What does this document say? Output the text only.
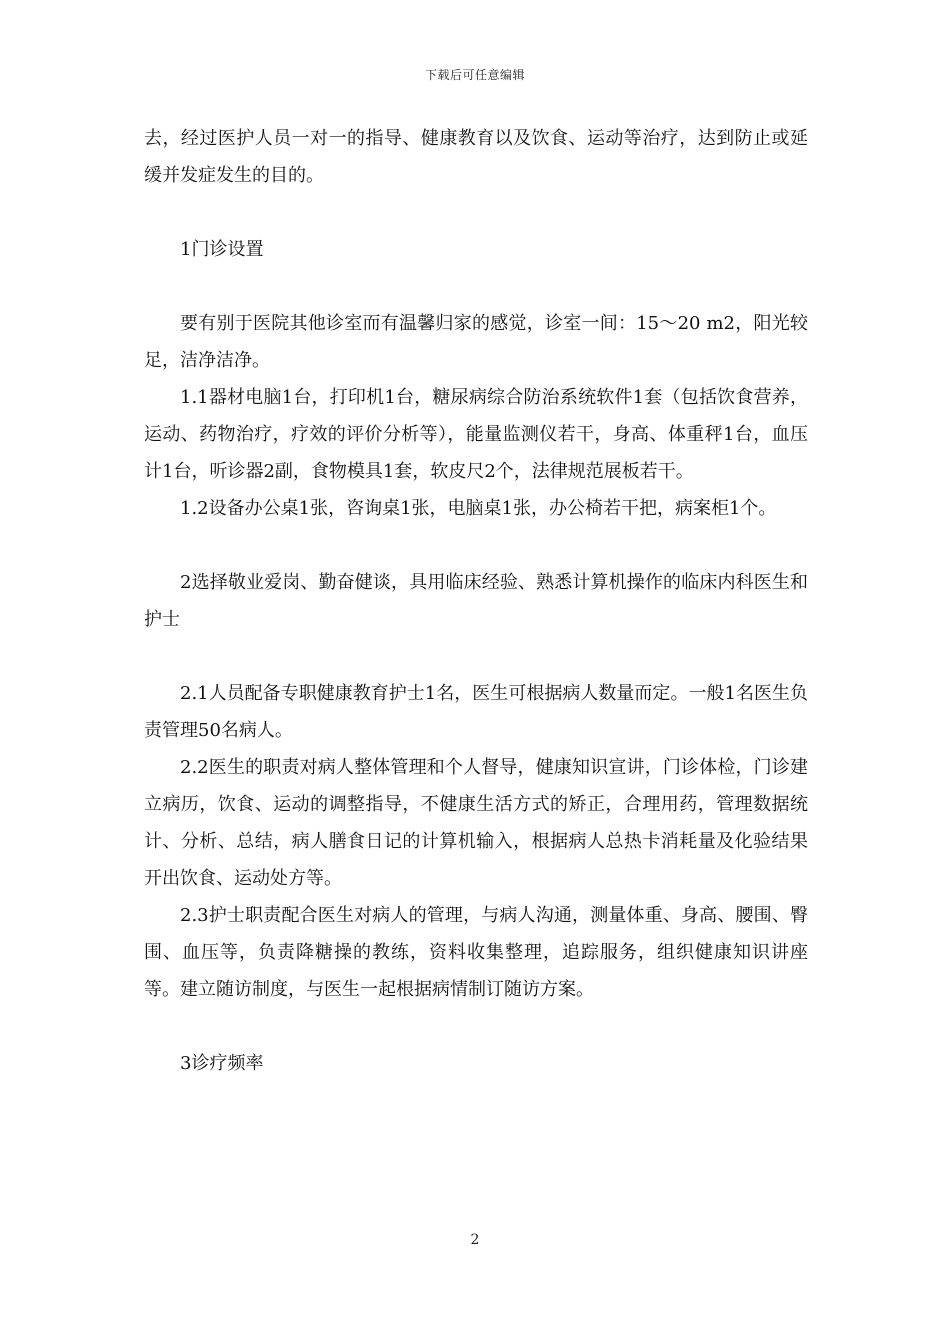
下载后可任意编辑

去，经过医护人员一对一的指导、健康教育以及饮食、运动等治疗，达到防止或延缓并发症发生的目的。

1门诊设置

要有别于医院其他诊室而有温馨归家的感觉，诊室一间：15～20 m2，阳光较足，洁净洁净。

1.1器材电脑1台，打印机1台，糖尿病综合防治系统软件1套（包括饮食营养，运动、药物治疗，疗效的评价分析等），能量监测仪若干，身高、体重秤1台，血压计1台，听诊器2副，食物模具1套，软皮尺2个，法律规范展板若干。

1.2设备办公桌1张，咨询桌1张，电脑桌1张，办公椅若干把，病案柜1个。

2选择敬业爱岗、勤奋健谈，具用临床经验、熟悉计算机操作的临床内科医生和护士

2.1人员配备专职健康教育护士1名，医生可根据病人数量而定。一般1名医生负责管理50名病人。

2.2医生的职责对病人整体管理和个人督导，健康知识宣讲，门诊体检，门诊建立病历，饮食、运动的调整指导，不健康生活方式的矫正，合理用药，管理数据统计、分析、总结，病人膳食日记的计算机输入，根据病人总热卡消耗量及化验结果开出饮食、运动处方等。

2.3护士职责配合医生对病人的管理，与病人沟通，测量体重、身高、腰围、臀围、血压等，负责降糖操的教练，资料收集整理，追踪服务，组织健康知识讲座等。建立随访制度，与医生一起根据病情制订随访方案。

3诊疗频率

2
